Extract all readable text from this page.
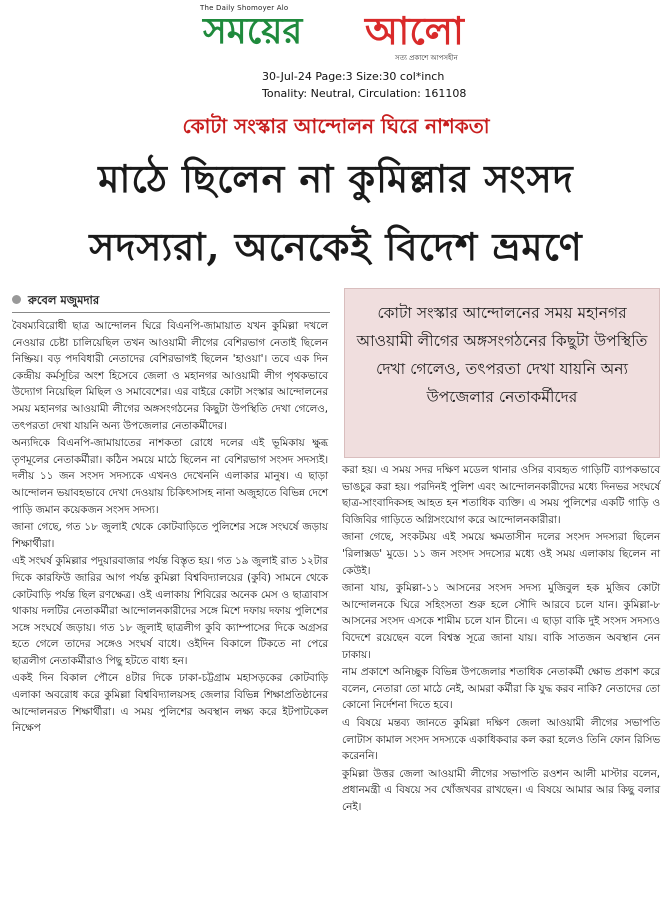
The Daily Shomoyer Alo
সময়ের আলো
সত্য প্রকাশে আপসহীন
30-Jul-24 Page:3 Size:30 col*inch
Tonality: Neutral, Circulation: 161108
কোটা সংস্কার আন্দোলন ঘিরে নাশকতা
মাঠে ছিলেন না কুমিল্লার সংসদ
সদস্যরা, অনেকেই বিদেশ ভ্রমণে
রুবেল মজুমদার
কোটা সংস্কার আন্দোলনের সময় মহানগর আওয়ামী লীগের অঙ্গসংগঠনের কিছুটা উপস্থিতি দেখা গেলেও, তৎপরতা দেখা যায়নি অন্য উপজেলার নেতাকর্মীদের

বৈষম্যবিরোধী ছাত্র আন্দোলন ঘিরে বিএনপি-জামায়াত যখন কুমিল্লা দখলে নেওয়ার চেষ্টা চালিয়েছিল তখন আওয়ামী লীগের বেশিরভাগ নেতাই ছিলেন নিষ্ক্রিয়। বড় পদবিধারী নেতাদের বেশিরভাগই ছিলেন 'হাওয়া'। তবে এক দিন কেন্দ্রীয় কর্মসূচির অংশ হিসেবে জেলা ও মহানগর আওয়ামী লীগ পৃথকভাবে উদ্যোগ নিয়েছিল মিছিল ও সমাবেশের। এর বাইরে কোটা সংস্কার আন্দোলনের সময় মহানগর আওয়ামী লীগের অঙ্গসংগঠনের কিছুটা উপস্থিতি দেখা গেলেও, তৎপরতা দেখা যায়নি অন্য উপজেলার নেতাকর্মীদের।

অন্যদিকে বিএনপি-জামায়াতের নাশকতা রোধে দলের এই ভূমিকায় ক্ষুব্ধ তৃণমূলের নেতাকর্মীরা। কঠিন সময়ে মাঠে ছিলেন না বেশিরভাগ সংসদ সদস্যই। দলীয় ১১ জন সংসদ সদস্যকে এখনও দেখেননি এলাকার মানুষ। এ ছাড়া আন্দোলন ভয়াবহভাবে দেখা দেওয়ায় চিকিৎসাসহ নানা অজুহাতে বিভিন্ন দেশে পাড়ি জমান কয়েকজন সংসদ সদস্য।

জানা গেছে, গত ১৮ জুলাই থেকে কোটবাড়িতে পুলিশের সঙ্গে সংঘর্ষে জড়ায় শিক্ষার্থীরা।

এই সংঘর্ষ কুমিল্লার পদুয়ারবাজার পর্যন্ত বিস্তৃত হয়। গত ১৯ জুলাই রাত ১২টার দিকে কারফিউ জারির আগ পর্যন্ত কুমিল্লা বিশ্ববিদ্যালয়ের (কুবি) সামনে থেকে কোটবাড়ি পর্যন্ত ছিল রণক্ষেত্র। ওই এলাকায় শিবিরের অনেক মেস ও ছাত্রাবাস থাকায় দলটির নেতাকর্মীরা আন্দোলনকারীদের সঙ্গে মিশে দফায় দফায় পুলিশের সঙ্গে সংঘর্ষে জড়ায়। গত ১৮ জুলাই ছাত্রলীগ কুবি ক্যাম্পাসের দিকে অগ্রসর হতে গেলে তাদের সঙ্গেও সংঘর্ষ বাধে। ওইদিন বিকালে টিকতে না পেরে ছাত্রলীগ নেতাকর্মীরাও পিছু হটতে বাধ্য হন।

একই দিন বিকাল পৌনে ৪টার দিকে ঢাকা-চট্টগ্রাম মহাসড়কের কোটবাড়ি এলাকা অবরোধ করে কুমিল্লা বিশ্ববিদ্যালয়সহ জেলার বিভিন্ন শিক্ষাপ্রতিষ্ঠানের আন্দোলনরত শিক্ষার্থীরা। এ সময় পুলিশের অবস্থান লক্ষ্য করে ইটপাটকেল নিক্ষেপ

করা হয়। এ সময় সদর দক্ষিণ মডেল থানার ওসির ব্যবহৃত গাড়িটি ব্যাপকভাবে ভাঙচুর করা হয়। পরদিনই পুলিশ এবং আন্দোলনকারীদের মধ্যে দিনভর সংঘর্ষে ছাত্র-সাংবাদিকসহ আহত হন শতাধিক ব্যক্তি। এ সময় পুলিশের একটি গাড়ি ও বিজিবির গাড়িতে অগ্নিসংযোগ করে আন্দোলনকারীরা।

জানা গেছে, সংকটময় এই সময়ে ক্ষমতাসীন দলের সংসদ সদস্যরা ছিলেন 'রিলাক্সড' মুডে। ১১ জন সংসদ সদস্যের মধ্যে ওই সময় এলাকায় ছিলেন না কেউই।

জানা যায়, কুমিল্লা-১১ আসনের সংসদ সদস্য মুজিবুল হক মুজিব কোটা আন্দোলনকে ঘিরে সহিংসতা শুরু হলে সৌদি আরবে চলে যান। কুমিল্লা-৮ আসনের সংসদ এসকে শামীম চলে যান চীনে। এ ছাড়া বাকি দুই সংসদ সদস্যও বিদেশে রয়েছেন বলে বিশ্বস্ত সূত্রে জানা যায়। বাকি সাতজন অবস্থান নেন ঢাকায়।

নাম প্রকাশে অনিচ্ছুক বিভিন্ন উপজেলার শতাধিক নেতাকর্মী ক্ষোভ প্রকাশ করে বলেন, নেতারা তো মাঠে নেই, আমরা কর্মীরা কি যুদ্ধ করব নাকি? নেতাদের তো কোনো নির্দেশনা দিতে হবে।

এ বিষয়ে মন্তব্য জানতে কুমিল্লা দক্ষিণ জেলা আওয়ামী লীগের সভাপতি লোটাস কামাল সংসদ সদস্যকে একাধিকবার কল করা হলেও তিনি ফোন রিসিভ করেননি।

কুমিল্লা উত্তর জেলা আওয়ামী লীগের সভাপতি রওশন আলী মাস্টার বলেন, প্রধানমন্ত্রী এ বিষয়ে সব খোঁজখবর রাখছেন। এ বিষয়ে আমার আর কিছু বলার নেই।
